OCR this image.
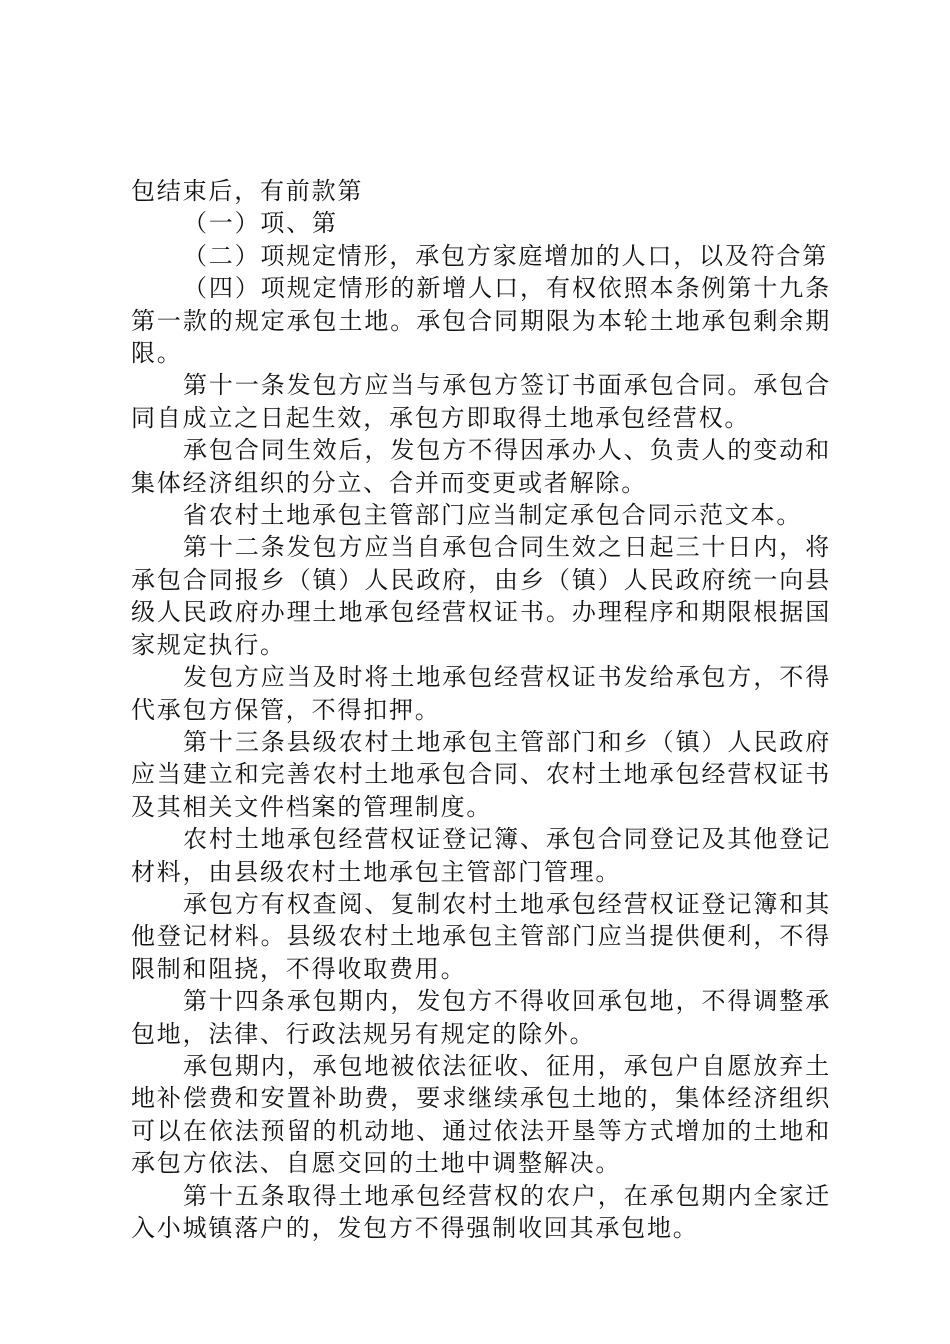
包结束后，有前款第

（一）项、第

（二）项规定情形，承包方家庭增加的人口，以及符合第

（四）项规定情形的新增人口，有权依照本条例第十九条第一款的规定承包土地。承包合同期限为本轮土地承包剩余期限。

第十一条发包方应当与承包方签订书面承包合同。承包合同自成立之日起生效，承包方即取得土地承包经营权。

承包合同生效后，发包方不得因承办人、负责人的变动和集体经济组织的分立、合并而变更或者解除。

省农村土地承包主管部门应当制定承包合同示范文本。

第十二条发包方应当自承包合同生效之日起三十日内，将承包合同报乡（镇）人民政府，由乡（镇）人民政府统一向县级人民政府办理土地承包经营权证书。办理程序和期限根据国家规定执行。

发包方应当及时将土地承包经营权证书发给承包方，不得代承包方保管，不得扣押。

第十三条县级农村土地承包主管部门和乡（镇）人民政府应当建立和完善农村土地承包合同、农村土地承包经营权证书及其相关文件档案的管理制度。

农村土地承包经营权证登记簿、承包合同登记及其他登记材料，由县级农村土地承包主管部门管理。

承包方有权查阅、复制农村土地承包经营权证登记簿和其他登记材料。县级农村土地承包主管部门应当提供便利，不得限制和阻挠，不得收取费用。

第十四条承包期内，发包方不得收回承包地，不得调整承包地，法律、行政法规另有规定的除外。

承包期内，承包地被依法征收、征用，承包户自愿放弃土地补偿费和安置补助费，要求继续承包土地的，集体经济组织可以在依法预留的机动地、通过依法开垦等方式增加的土地和承包方依法、自愿交回的土地中调整解决。

第十五条取得土地承包经营权的农户，在承包期内全家迁入小城镇落户的，发包方不得强制收回其承包地。
